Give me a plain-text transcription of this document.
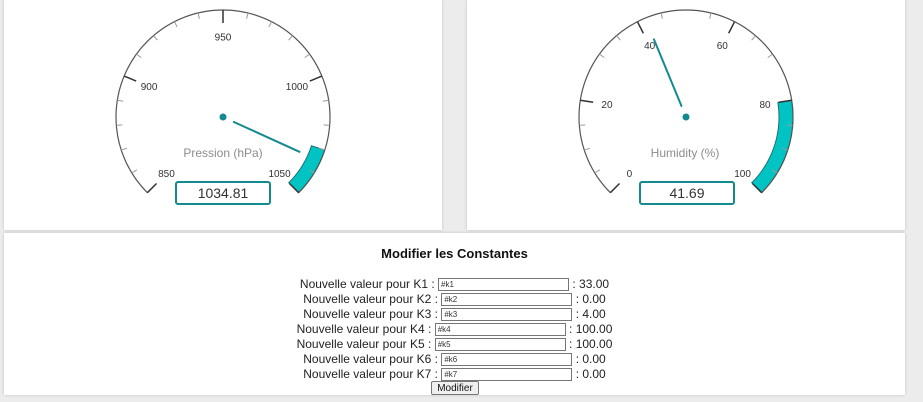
850
900
950
1000
1050
Pression (hPa)
1034.81
0
20
40	60
80
100
Humidity (%)
41.69
Modifier les Constantes
Nouvelle valeur pour K1 : #k1	: 33.00
Nouvelle valeur pour K2 : #k2	: 0.00
Nouvelle valeur pour K3 : #k3	: 4.00
Nouvelle valeur pour K4 : #k4	: 100.00
Nouvelle valeur pour K5 : #k5	: 100.00
Nouvelle valeur pour K6 : #k6	: 0.00
Nouvelle valeur pour K7 : #k7	: 0.00
Modifier
